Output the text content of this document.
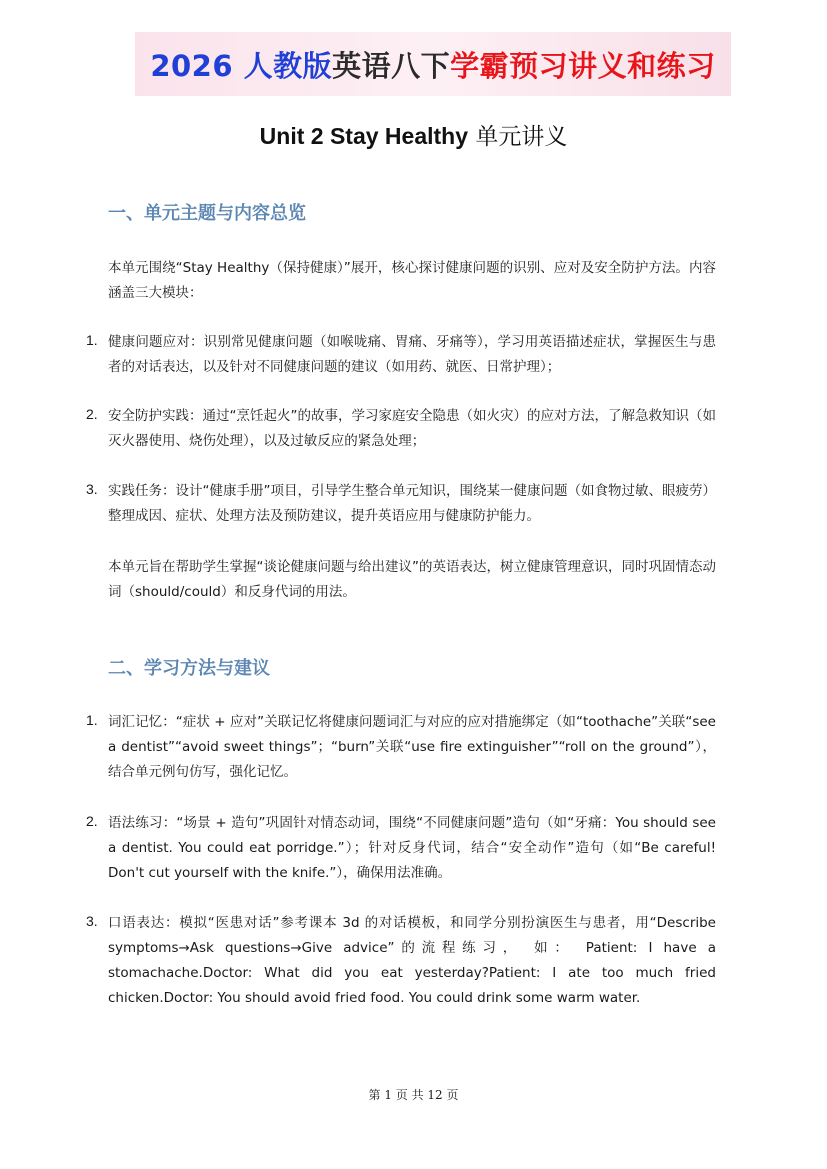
2026 人教版 英语八下 学霸预习讲义和练习
Unit 2 Stay Healthy 单元讲义
一、单元主题与内容总览
本单元围绕“Stay Healthy（保持健康）”展开，核心探讨健康问题的识别、应对及安全防护方法。内容涵盖三大模块：
1. 健康问题应对：识别常见健康问题（如喉咙痛、胃痛、牙痛等），学习用英语描述症状，掌握医生与患者的对话表达，以及针对不同健康问题的建议（如用药、就医、日常护理）；
2. 安全防护实践：通过“烹饪起火”的故事，学习家庭安全隐患（如火灾）的应对方法，了解急救知识（如灭火器使用、烧伤处理），以及过敏反应的紧急处理；
3. 实践任务：设计“健康手册”项目，引导学生整合单元知识，围绕某一健康问题（如食物过敏、眼疲劳）整理成因、症状、处理方法及预防建议，提升英语应用与健康防护能力。
本单元旨在帮助学生掌握“谈论健康问题与给出建议”的英语表达，树立健康管理意识，同时巩固情态动词（should/could）和反身代词的用法。
二、学习方法与建议
1. 词汇记忆：“症状 + 应对”关联记忆将健康问题词汇与对应的应对措施绑定（如“toothache”关联“see a dentist”“avoid sweet things”；“burn”关联“use fire extinguisher”“roll on the ground”），结合单元例句仿写，强化记忆。
2. 语法练习：“场景 + 造句”巩固针对情态动词，围绕“不同健康问题”造句（如“牙痛：You should see a dentist. You could eat porridge.”）；针对反身代词，结合“安全动作”造句（如“Be careful! Don't cut yourself with the knife.”），确保用法准确。
3. 口语表达：模拟“医患对话”参考课本 3d 的对话模板，和同学分别扮演医生与患者，用“Describe symptoms→Ask questions→Give advice”的流程练习， 如： Patient: I have a stomachache.Doctor: What did you eat yesterday?Patient: I ate too much fried chicken.Doctor: You should avoid fried food. You could drink some warm water.
第 1 页 共 12 页
